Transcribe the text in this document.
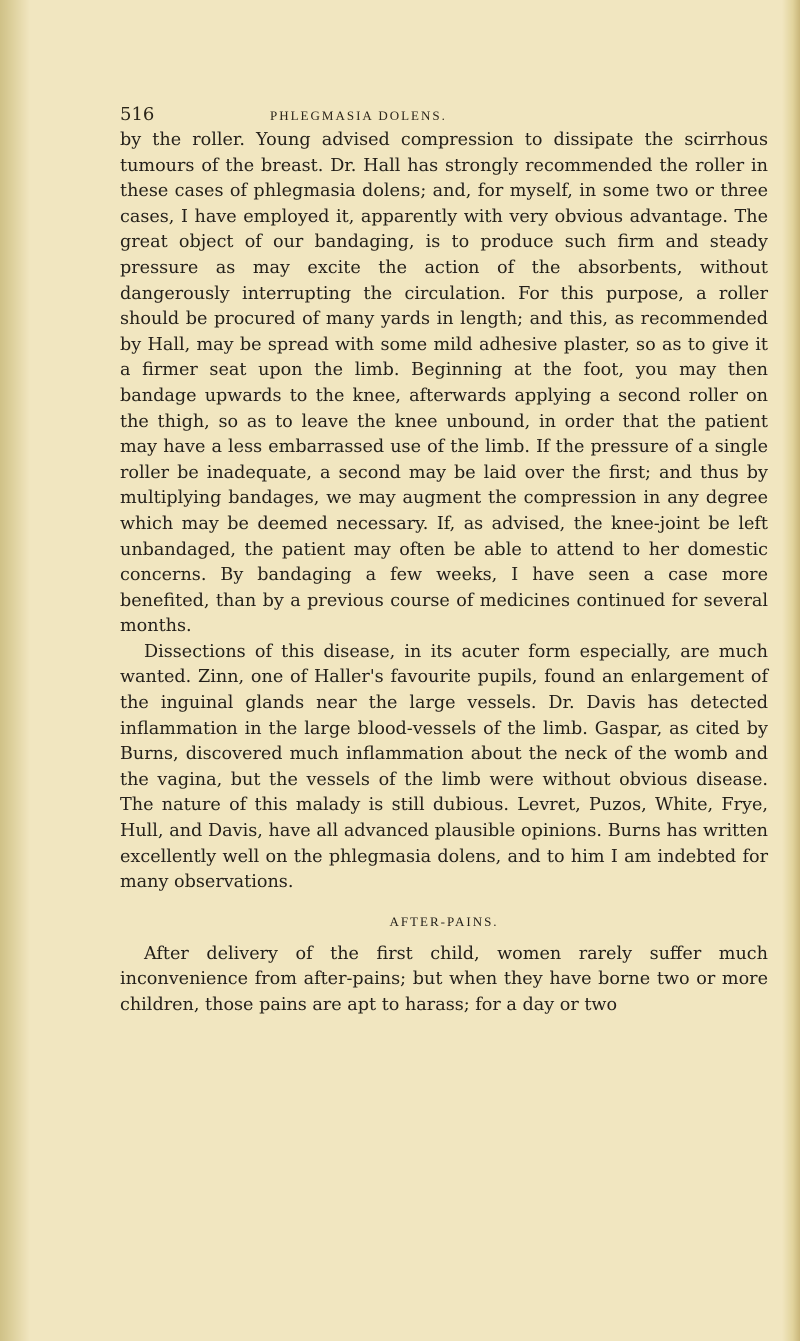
516	PHLEGMASIA DOLENS.

by the roller. Young advised compression to dissipate the scirrhous tumours of the breast. Dr. Hall has strongly recommended the roller in these cases of phlegmasia dolens; and, for myself, in some two or three cases, I have employed it, apparently with very obvious advantage. The great object of our bandaging, is to produce such firm and steady pressure as may excite the action of the absorbents, without dangerously interrupting the circulation. For this purpose, a roller should be procured of many yards in length; and this, as recommended by Hall, may be spread with some mild adhesive plaster, so as to give it a firmer seat upon the limb. Beginning at the foot, you may then bandage upwards to the knee, afterwards applying a second roller on the thigh, so as to leave the knee unbound, in order that the patient may have a less embarrassed use of the limb. If the pressure of a single roller be inadequate, a second may be laid over the first; and thus by multiplying bandages, we may augment the compression in any degree which may be deemed necessary. If, as advised, the knee-joint be left unbandaged, the patient may often be able to attend to her domestic concerns. By bandaging a few weeks, I have seen a case more benefited, than by a previous course of medicines continued for several months.

Dissections of this disease, in its acuter form especially, are much wanted. Zinn, one of Haller's favourite pupils, found an enlargement of the inguinal glands near the large vessels. Dr. Davis has detected inflammation in the large blood-vessels of the limb. Gaspar, as cited by Burns, discovered much inflammation about the neck of the womb and the vagina, but the vessels of the limb were without obvious disease. The nature of this malady is still dubious. Levret, Puzos, White, Frye, Hull, and Davis, have all advanced plausible opinions. Burns has written excellently well on the phlegmasia dolens, and to him I am indebted for many observations.

AFTER-PAINS.

After delivery of the first child, women rarely suffer much inconvenience from after-pains; but when they have borne two or more children, those pains are apt to harass; for a day or two
